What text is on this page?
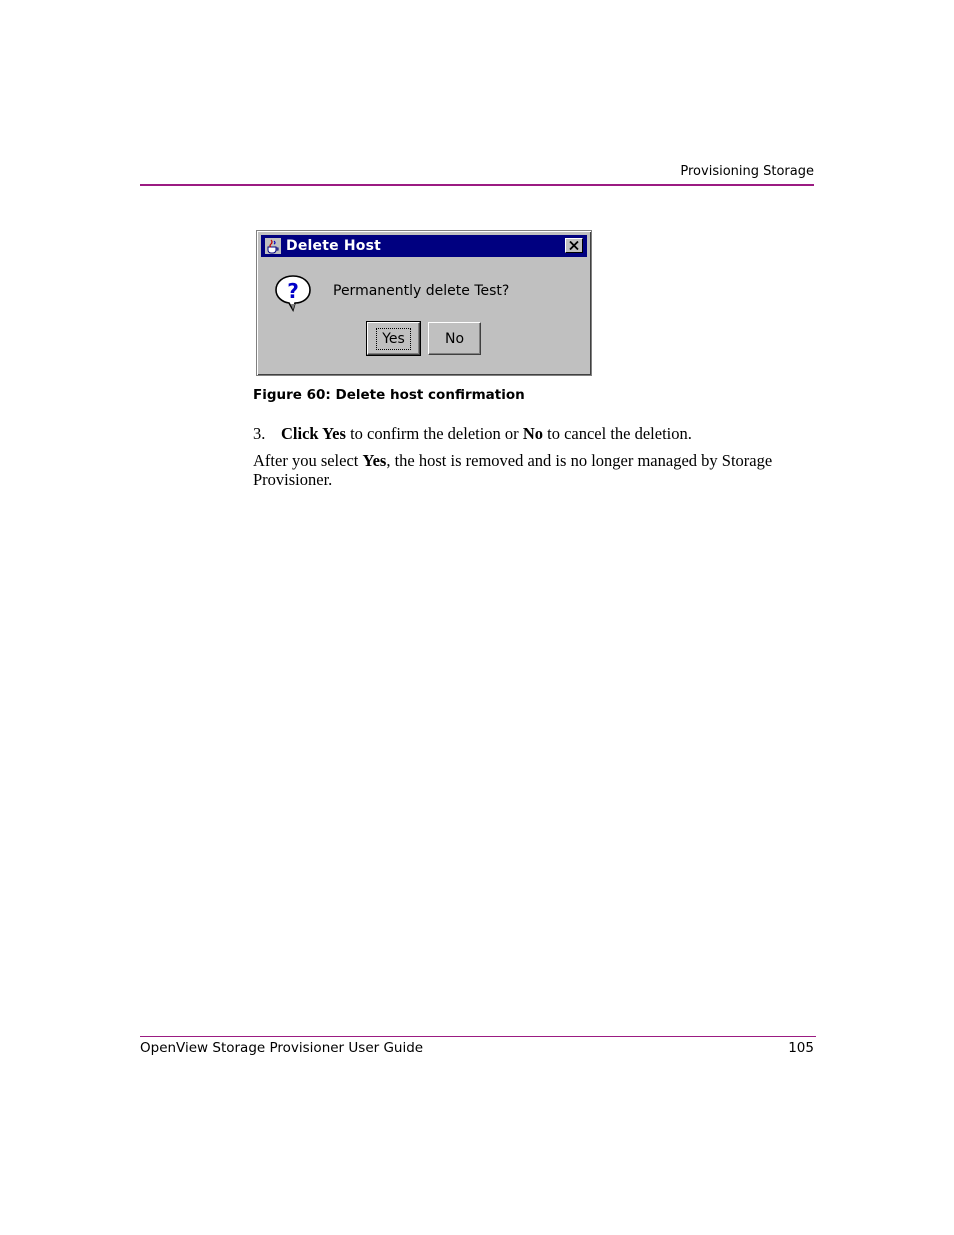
Provisioning Storage
Delete Host
? Permanently delete Test?
Yes	No
Figure 60: Delete host confirmation
3. Click Yes to confirm the deletion or No to cancel the deletion.
After you select Yes, the host is removed and is no longer managed by Storage Provisioner.
OpenView Storage Provisioner User Guide	105
